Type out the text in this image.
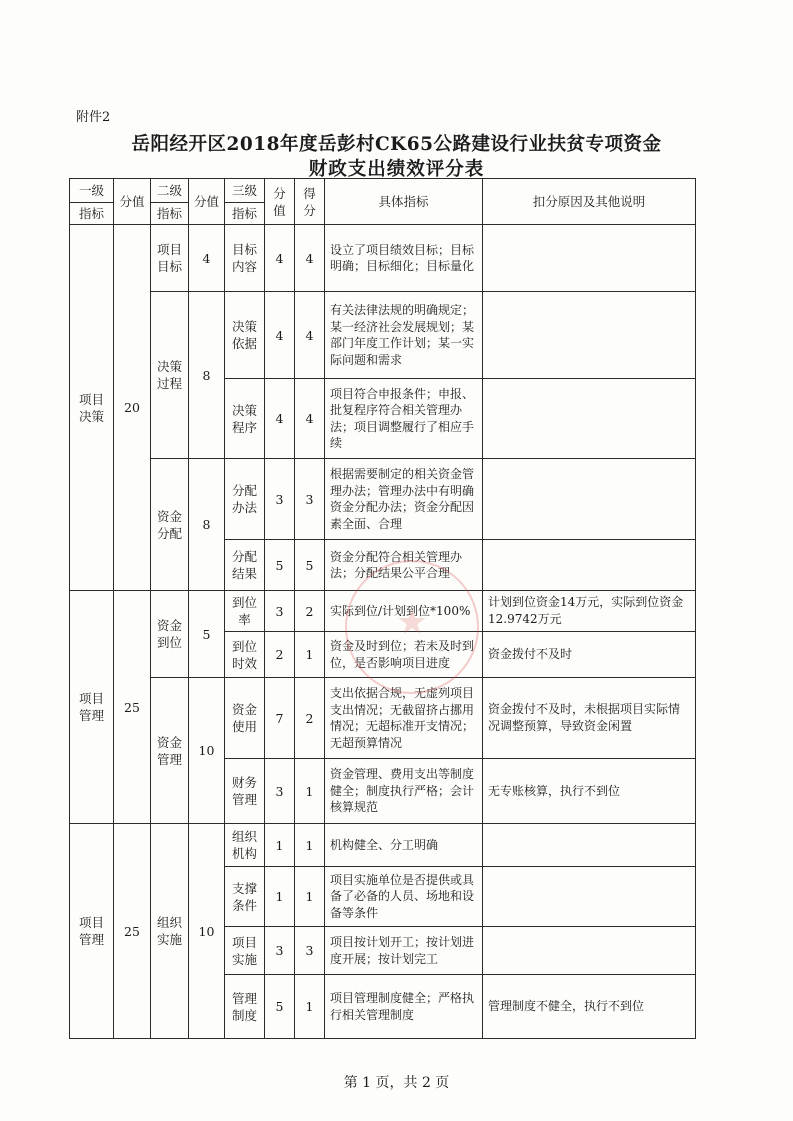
附件2
岳阳经开区2018年度岳彭村CK65公路建设行业扶贫专项资金
财政支出绩效评分表
一级	分值	二级	分值	三级	分值	得分	具体指标	扣分原因及其他说明
指标		指标		指标				
项目决策	20	项目目标	4	目标内容	4	4	设立了项目绩效目标；目标明确；目标细化；目标量化	
		决策过程	8	决策依据	4	4	有关法律法规的明确规定；某一经济社会发展规划；某部门年度工作计划；某一实际问题和需求	
				决策程序	4	4	项目符合申报条件；申报、批复程序符合相关管理办法；项目调整履行了相应手续	
		资金分配	8	分配办法	3	3	根据需要制定的相关资金管理办法；管理办法中有明确资金分配办法；资金分配因素全面、合理	
				分配结果	5	5	资金分配符合相关管理办法；分配结果公平合理	
项目管理	25	资金到位	5	到位率	3	2	实际到位/计划到位*100%	计划到位资金14万元，实际到位资金12.9742万元
				到位时效	2	1	资金及时到位；若未及时到位，是否影响项目进度	资金拨付不及时
		资金管理	10	资金使用	7	2	支出依据合规，无虚列项目支出情况；无截留挤占挪用情况；无超标准开支情况；无超预算情况	资金拨付不及时，未根据项目实际情况调整预算，导致资金闲置
				财务管理	3	1	资金管理、费用支出等制度健全；制度执行严格；会计核算规范	无专账核算，执行不到位
项目管理	25	组织实施	10	组织机构	1	1	机构健全、分工明确	
				支撑条件	1	1	项目实施单位是否提供或具备了必备的人员、场地和设备等条件	
				项目实施	3	3	项目按计划开工；按计划进度开展；按计划完工	
				管理制度	5	1	项目管理制度健全；严格执行相关管理制度	管理制度不健全，执行不到位
★
第 1 页，共 2 页
